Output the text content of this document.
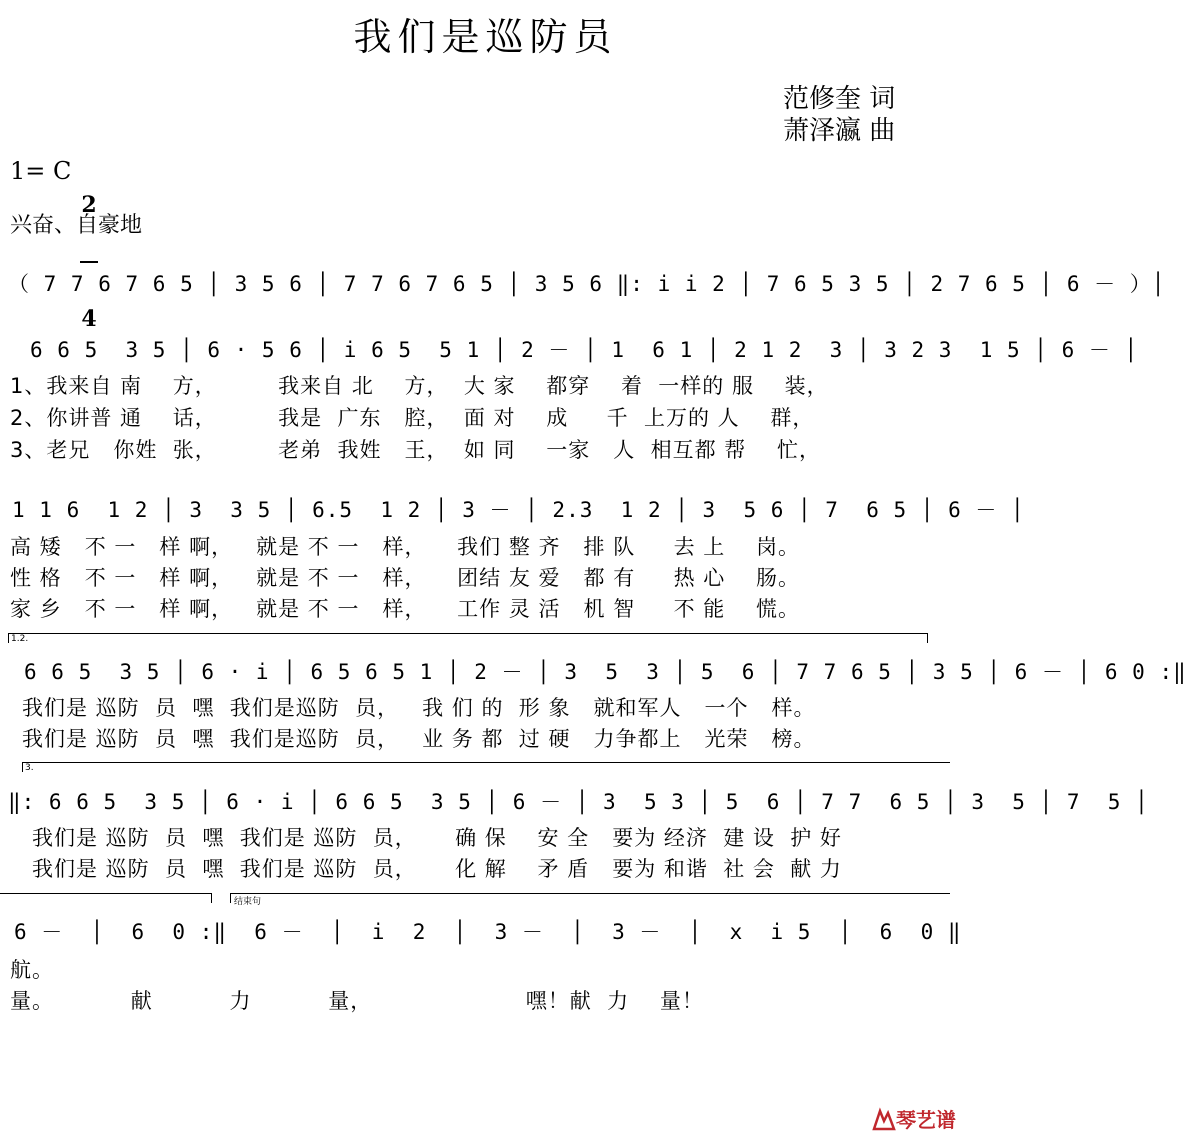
我们是巡防员
范修奎 词
萧泽瀛 曲
1= C

2

4

兴奋、自豪地
（ 7 7 6 7 6 5 │ 3 5 6 │ 7 7 6 7 6 5 │ 3 5 6 ‖: i i 2 │ 7 6 5 3 5 │ 2 7 6 5 │ 6 － ）│
6 6 5  3 5 │ 6 · 5 6 │ i 6 5  5 1 │ 2 － │ 1  6 1 │ 2 1 2  3 │ 3 2 3  1 5 │ 6 － │
1、我来自 南    方，        我来自 北    方，  大 家    都穿    着  一样的 服    装，
2、你讲普 通    话，        我是  广东   腔，  面 对    成     千  上万的 人    群，
3、老兄   你姓  张，        老弟  我姓   王，  如 同    一家   人  相互都 帮    忙，
1 1 6  1 2 │ 3  3 5 │ 6.5  1 2 │ 3 － │ 2.3  1 2 │ 3  5 6 │ 7  6 5 │ 6 － │
高 矮   不 一   样 啊，   就是 不 一   样，    我们 整 齐   排 队     去 上    岗。
性 格   不 一   样 啊，   就是 不 一   样，    团结 友 爱   都 有     热 心    肠。
家 乡   不 一   样 啊，   就是 不 一   样，    工作 灵 活   机 智     不 能    慌。
1.2.
6 6 5  3 5 │ 6 · i │ 6 5 6 5 1 │ 2 － │ 3  5  3 │ 5  6 │ 7 7 6 5 │ 3 5 │ 6 － │ 6 0 :‖
我们是 巡防  员  嘿  我们是巡防  员，   我 们 的  形 象   就和军人   一个   样。
我们是 巡防  员  嘿  我们是巡防  员，   业 务 都  过 硬   力争都上   光荣   榜。
3.
‖: 6 6 5  3 5 │ 6 · i │ 6 6 5  3 5 │ 6 － │ 3  5 3 │ 5  6 │ 7 7  6 5 │ 3  5 │ 7  5 │
我们是 巡防  员  嘿  我们是 巡防  员，     确 保    安 全   要为 经济  建 设  护 好
我们是 巡防  员  嘿  我们是 巡防  员，     化 解    矛 盾   要为 和谐  社 会  献 力
结束句
6 －  │  6  0 :‖  6 －  │  i  2  │  3 －  │  3 －  │  x  i 5  │  6  0 ‖
航。
量。          献          力          量，                    嘿！献  力    量！

琴艺谱
